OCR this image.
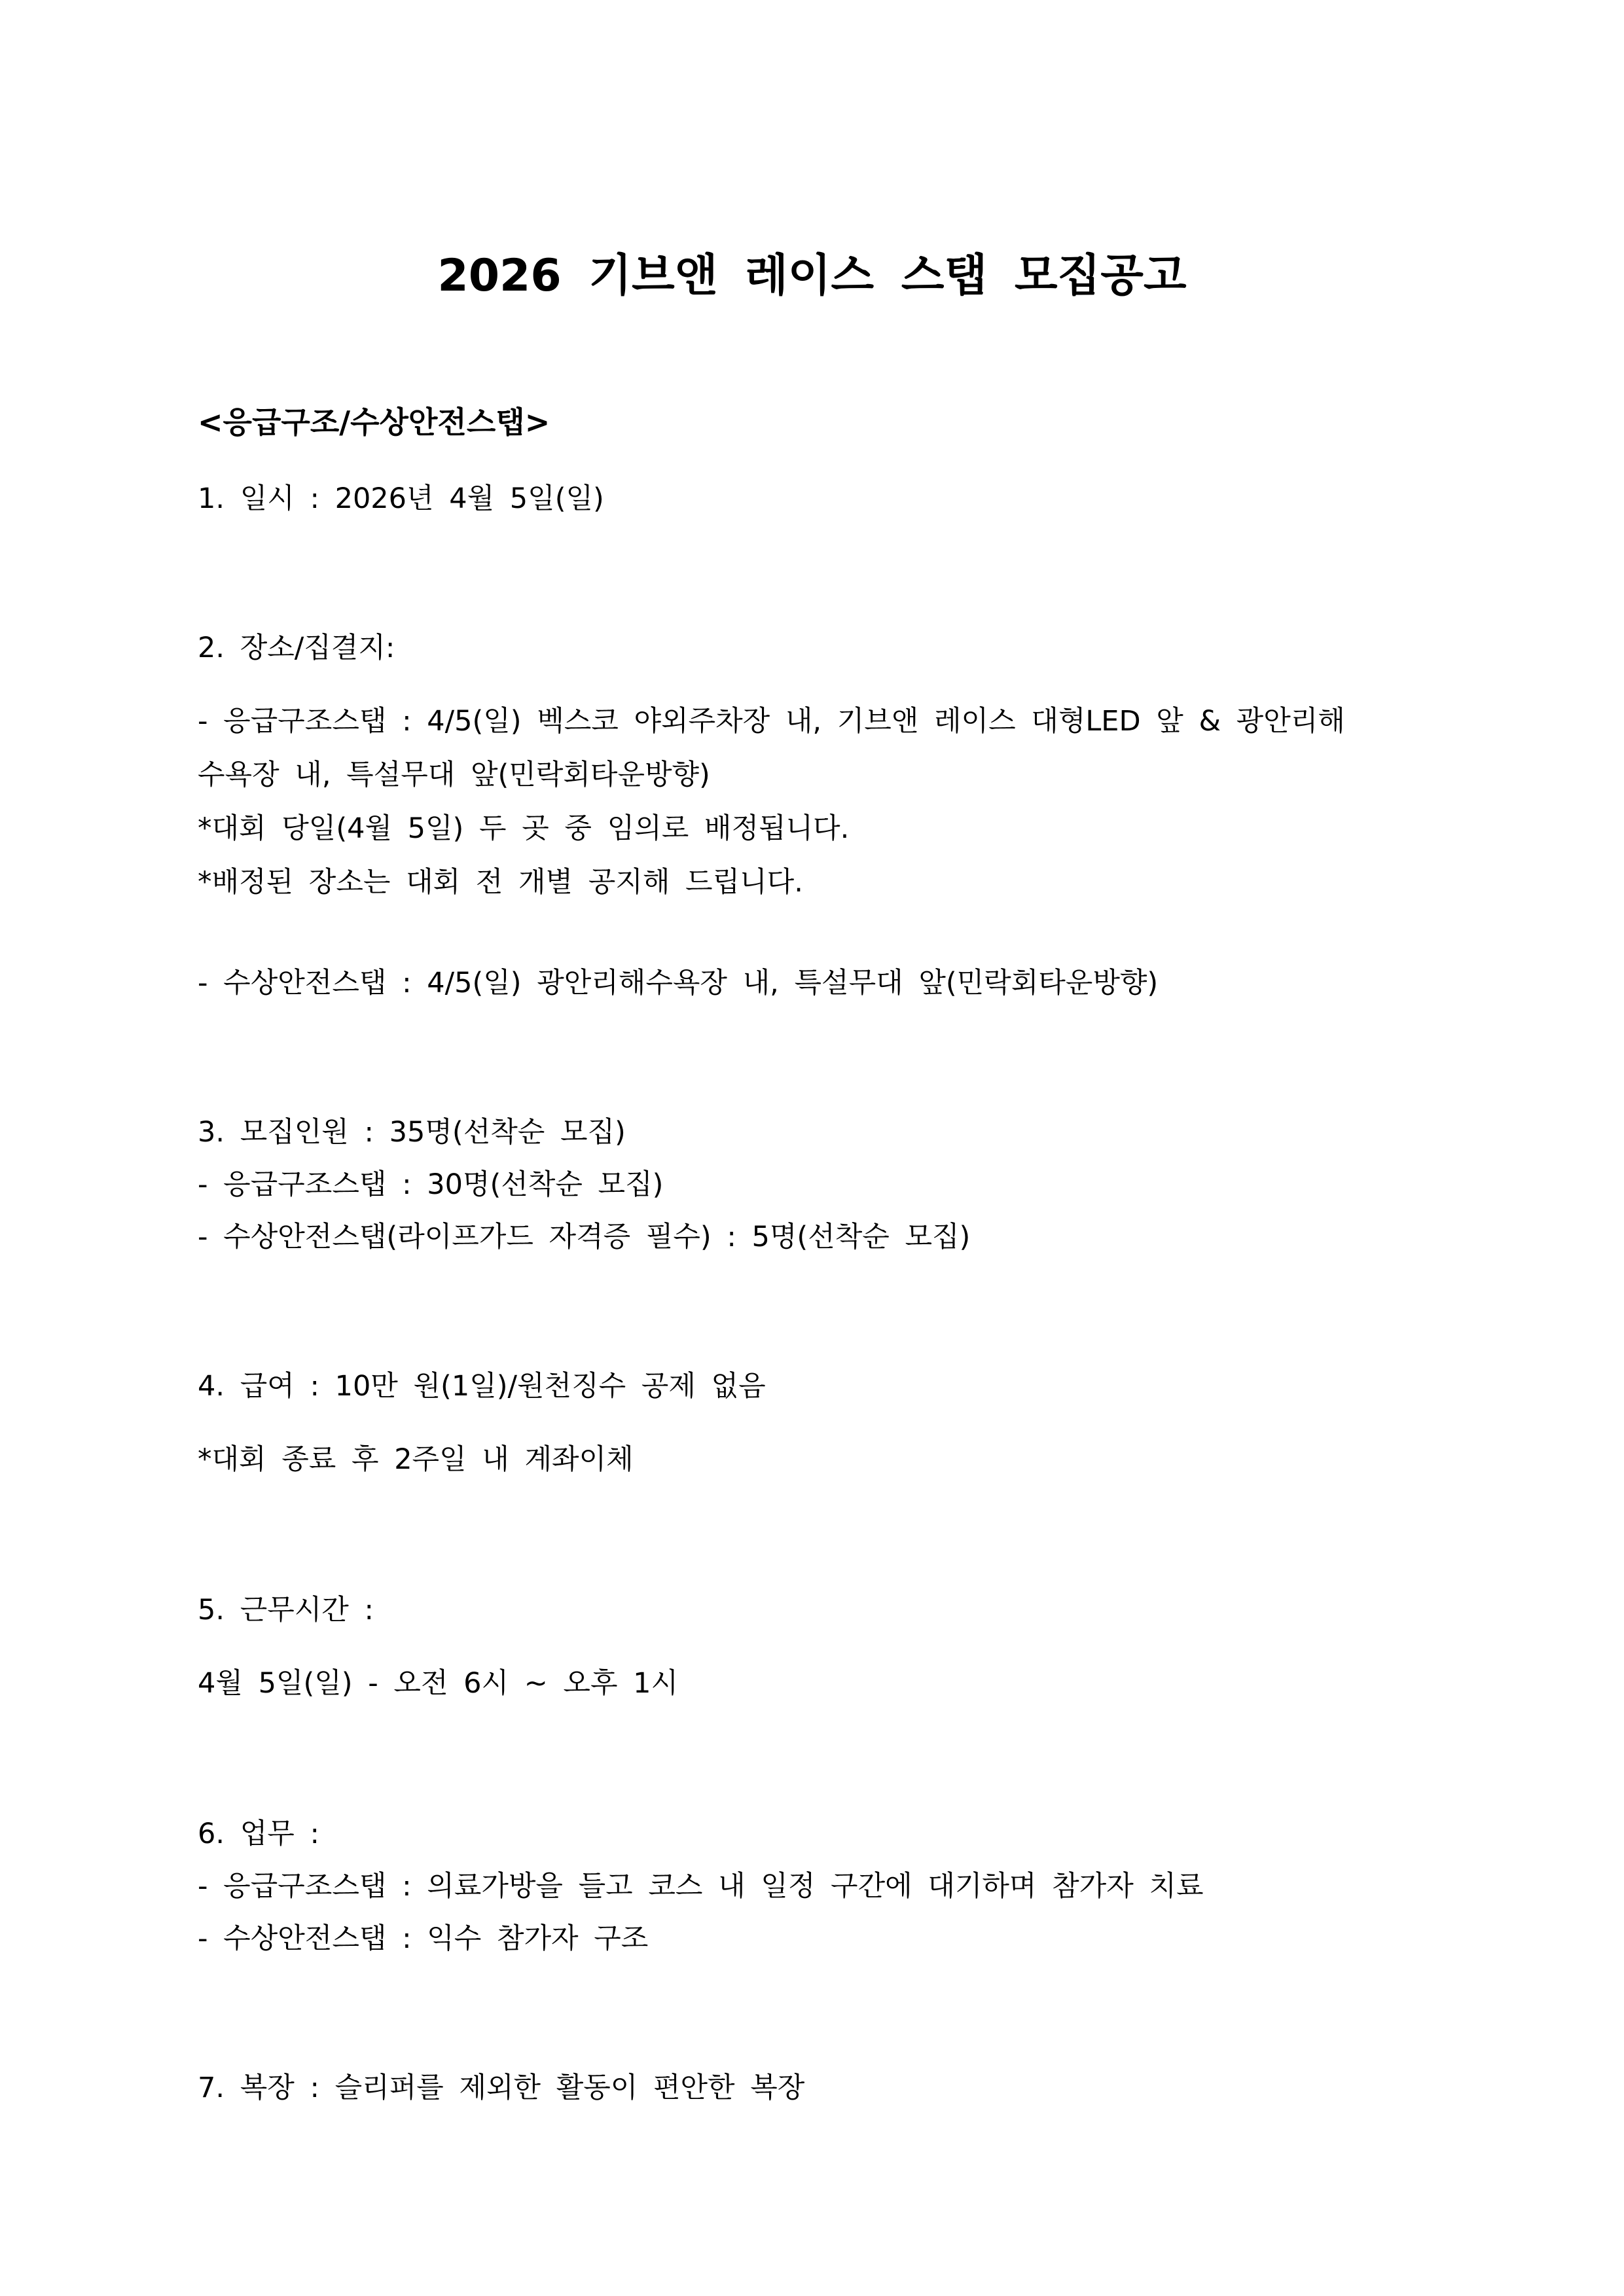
2026 기브앤 레이스 스탭 모집공고
<응급구조/수상안전스탭>
1. 일시 : 2026년 4월 5일(일)
2. 장소/집결지:
- 응급구조스탭 : 4/5(일) 벡스코 야외주차장 내, 기브앤 레이스 대형LED 앞 & 광안리해
수욕장 내, 특설무대 앞(민락회타운방향)
*대회 당일(4월 5일) 두 곳 중 임의로 배정됩니다.
*배정된 장소는 대회 전 개별 공지해 드립니다.
- 수상안전스탭 : 4/5(일) 광안리해수욕장 내, 특설무대 앞(민락회타운방향)
3. 모집인원 : 35명(선착순 모집)
- 응급구조스탭 : 30명(선착순 모집)
- 수상안전스탭(라이프가드 자격증 필수) : 5명(선착순 모집)
4. 급여 : 10만 원(1일)/원천징수 공제 없음
*대회 종료 후 2주일 내 계좌이체
5. 근무시간 :
4월 5일(일) - 오전 6시 ~ 오후 1시
6. 업무 :
- 응급구조스탭 : 의료가방을 들고 코스 내 일정 구간에 대기하며 참가자 치료
- 수상안전스탭 : 익수 참가자 구조
7. 복장 : 슬리퍼를 제외한 활동이 편안한 복장
